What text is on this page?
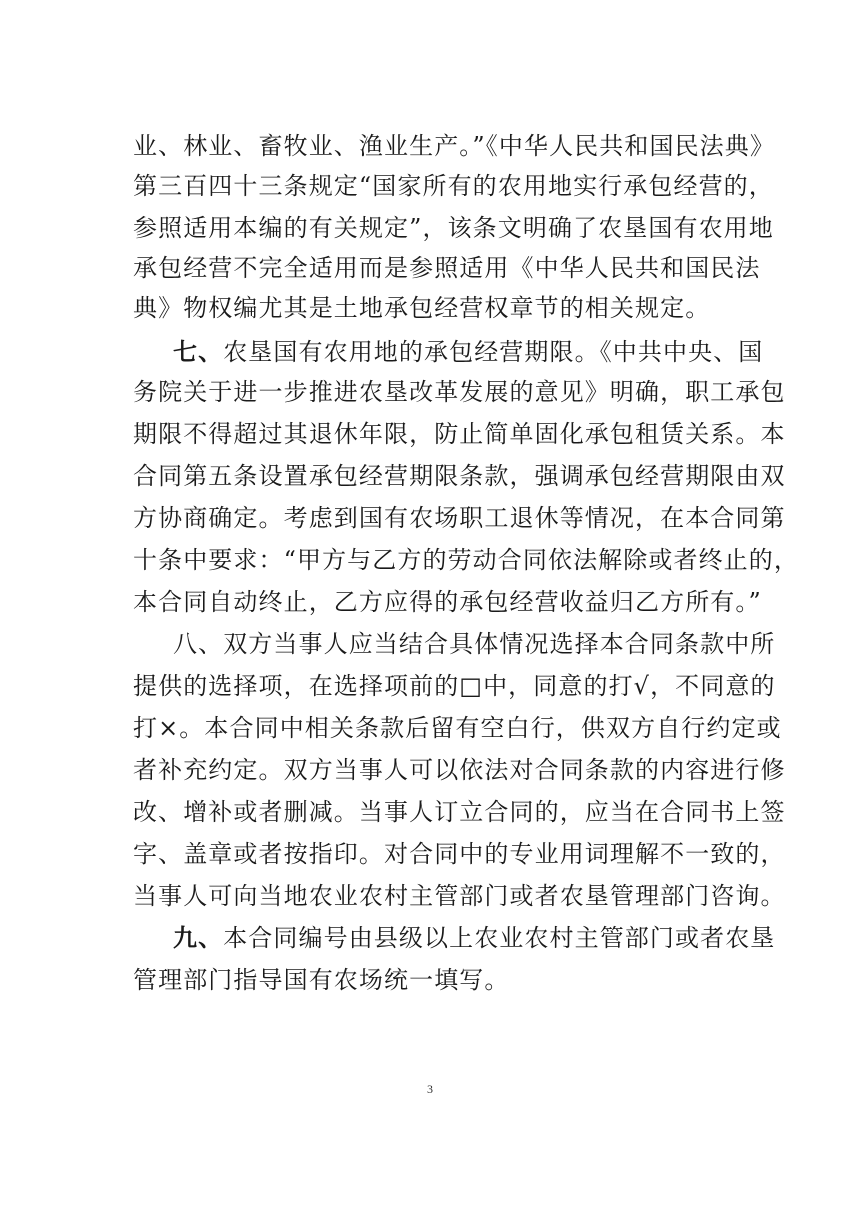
业、林业、畜牧业、渔业生产。”《中华人民共和国民法典》
第三百四十三条规定“国家所有的农用地实行承包经营的，
参照适用本编的有关规定”，该条文明确了农垦国有农用地
承包经营不完全适用而是参照适用《中华人民共和国民法
典》物权编尤其是土地承包经营权章节的相关规定。
七、农垦国有农用地的承包经营期限。《中共中央、国
务院关于进一步推进农垦改革发展的意见》明确，职工承包
期限不得超过其退休年限，防止简单固化承包租赁关系。本
合同第五条设置承包经营期限条款，强调承包经营期限由双
方协商确定。考虑到国有农场职工退休等情况，在本合同第
十条中要求：“甲方与乙方的劳动合同依法解除或者终止的，
本合同自动终止，乙方应得的承包经营收益归乙方所有。”
八、双方当事人应当结合具体情况选择本合同条款中所
提供的选择项，在选择项前的□中，同意的打√，不同意的
打×。本合同中相关条款后留有空白行，供双方自行约定或
者补充约定。双方当事人可以依法对合同条款的内容进行修
改、增补或者删减。当事人订立合同的，应当在合同书上签
字、盖章或者按指印。对合同中的专业用词理解不一致的，
当事人可向当地农业农村主管部门或者农垦管理部门咨询。
九、本合同编号由县级以上农业农村主管部门或者农垦
管理部门指导国有农场统一填写。
3
